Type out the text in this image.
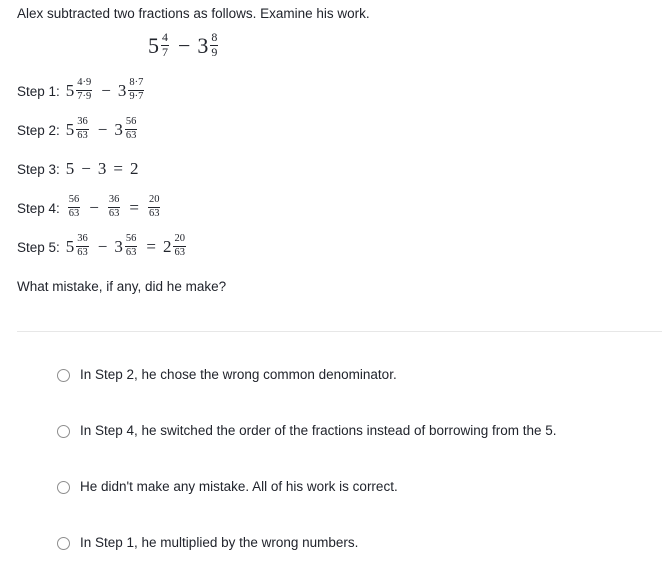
Alex subtracted two fractions as follows. Examine his work.

$5 \frac{4}{7} - 3 \frac{8}{9}$
Step 1: $5 \frac{4\cdot 9}{7\cdot 9} - 3 \frac{8\cdot 7}{9\cdot 7}$
Step 2: $5 \frac{36}{63} - 3 \frac{56}{63}$
Step 3: 5 − 3 = 2
Step 4: $\frac{56}{63} - \frac{36}{63} = \frac{20}{63}$
Step 5: $5 \frac{36}{63} - 3 \frac{56}{63} = 2 \frac{20}{63}$

What mistake, if any, did he make?

In Step 2, he chose the wrong common denominator.
In Step 4, he switched the order of the fractions instead of borrowing from the 5.
He didn't make any mistake. All of his work is correct.
In Step 1, he multiplied by the wrong numbers.
